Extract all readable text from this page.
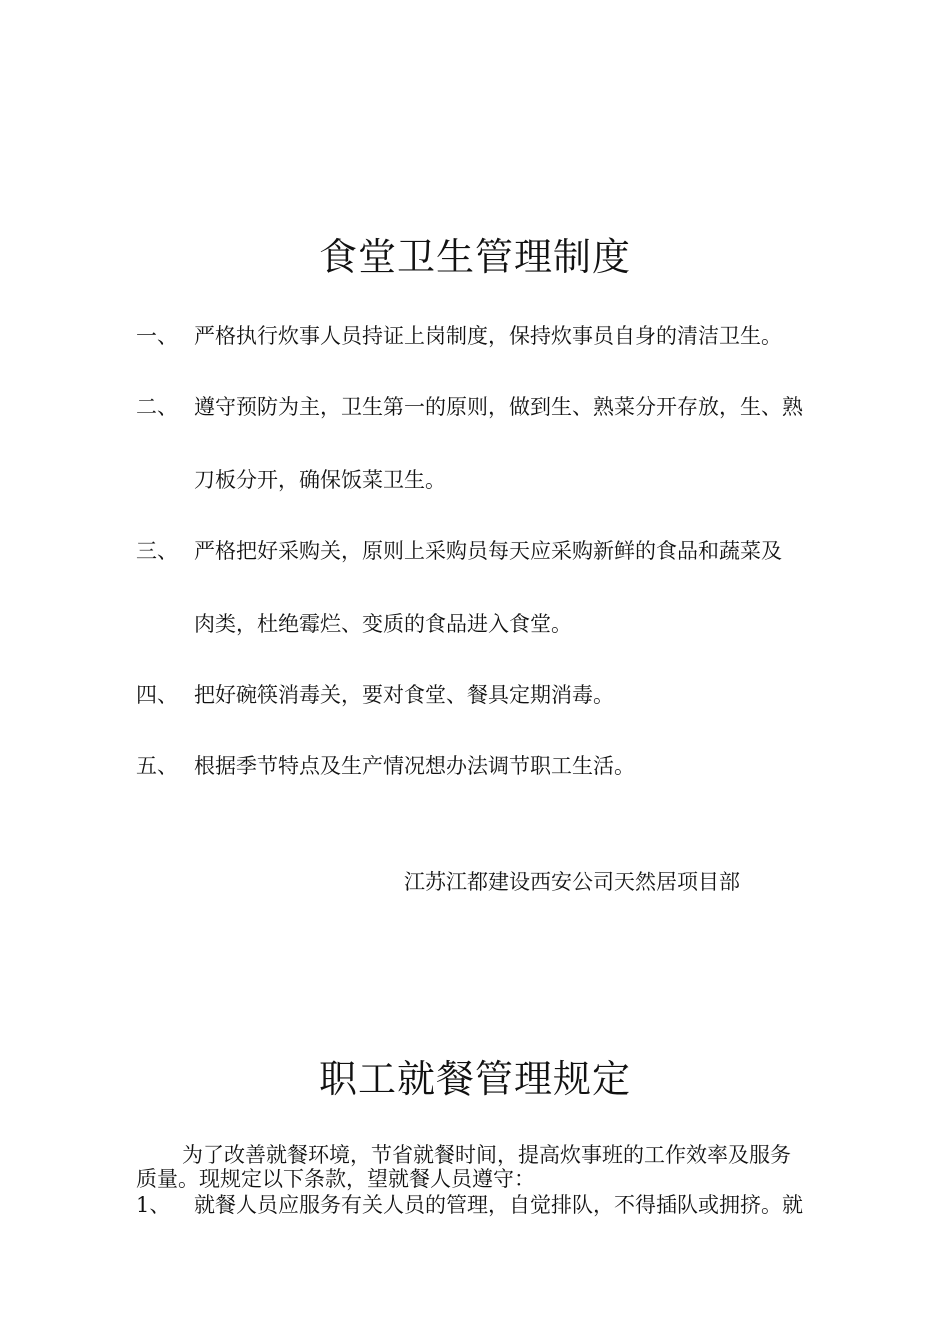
食堂卫生管理制度
一、 严格执行炊事人员持证上岗制度，保持炊事员自身的清洁卫生。
二、 遵守预防为主，卫生第一的原则，做到生、熟菜分开存放，生、熟
刀板分开，确保饭菜卫生。
三、 严格把好采购关，原则上采购员每天应采购新鲜的食品和蔬菜及
肉类，杜绝霉烂、变质的食品进入食堂。
四、 把好碗筷消毒关，要对食堂、餐具定期消毒。
五、 根据季节特点及生产情况想办法调节职工生活。
江苏江都建设西安公司天然居项目部
职工就餐管理规定
为了改善就餐环境，节省就餐时间，提高炊事班的工作效率及服务
质量。现规定以下条款，望就餐人员遵守：
1、 就餐人员应服务有关人员的管理，自觉排队，不得插队或拥挤。就
